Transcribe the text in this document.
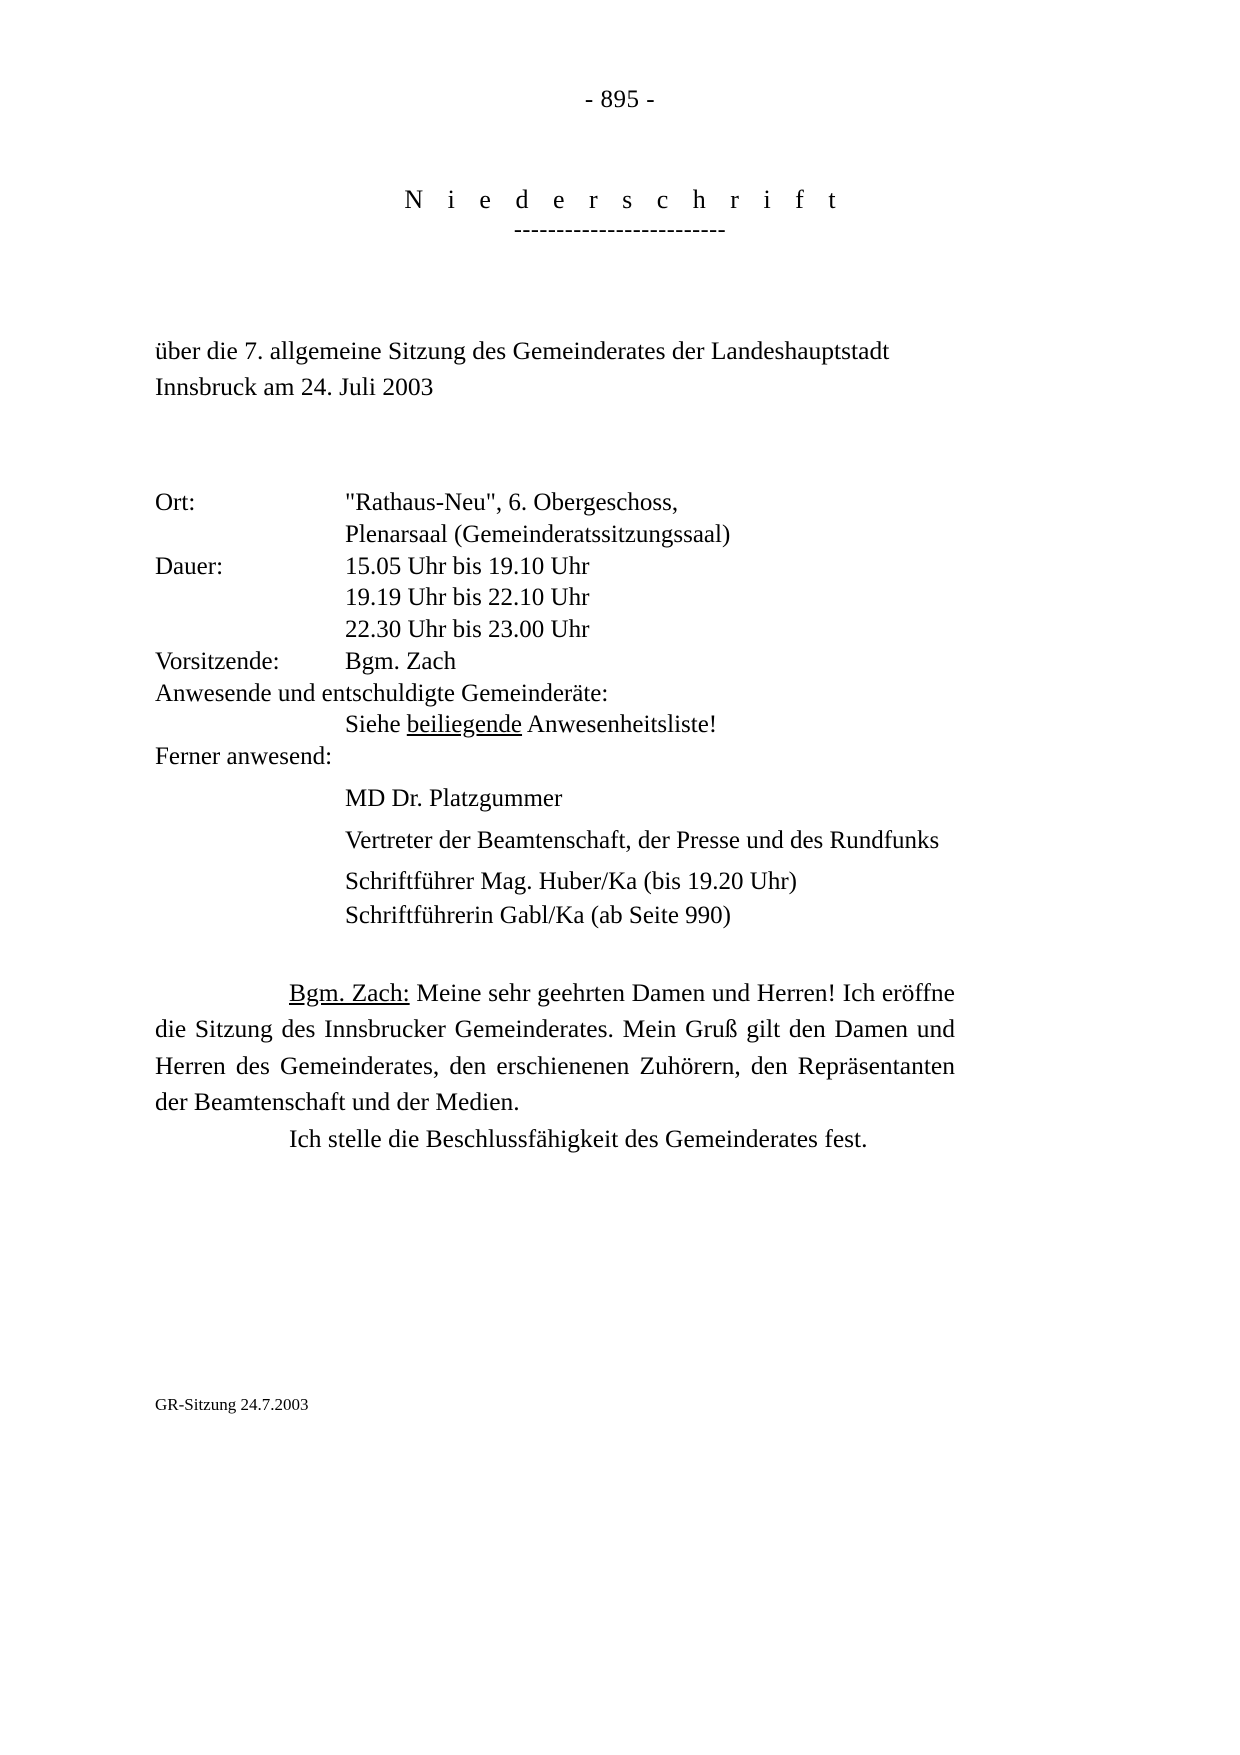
- 895 -
N i e d e r s c h r i f t
-------------------------
über die 7. allgemeine Sitzung des Gemeinderates der Landeshauptstadt
Innsbruck am 24. Juli 2003
Ort:	"Rathaus-Neu", 6. Obergeschoss,
Plenarsaal (Gemeinderatssitzungssaal)
Dauer:	15.05 Uhr bis 19.10 Uhr
19.19 Uhr bis 22.10 Uhr
22.30 Uhr bis 23.00 Uhr
Vorsitzende:	Bgm. Zach
Anwesende und entschuldigte Gemeinderäte:
Siehe beiliegende Anwesenheitsliste!
Ferner anwesend:
MD Dr. Platzgummer
Vertreter der Beamtenschaft, der Presse und des Rundfunks
Schriftführer Mag. Huber/Ka (bis 19.20 Uhr)
Schriftführerin Gabl/Ka (ab Seite 990)

Bgm. Zach: Meine sehr geehrten Damen und Herren! Ich eröffne die Sitzung des Innsbrucker Gemeinderates. Mein Gruß gilt den Damen und Herren des Gemeinderates, den erschienenen Zuhörern, den Repräsentanten der Beamtenschaft und der Medien.

Ich stelle die Beschlussfähigkeit des Gemeinderates fest.

GR-Sitzung 24.7.2003
